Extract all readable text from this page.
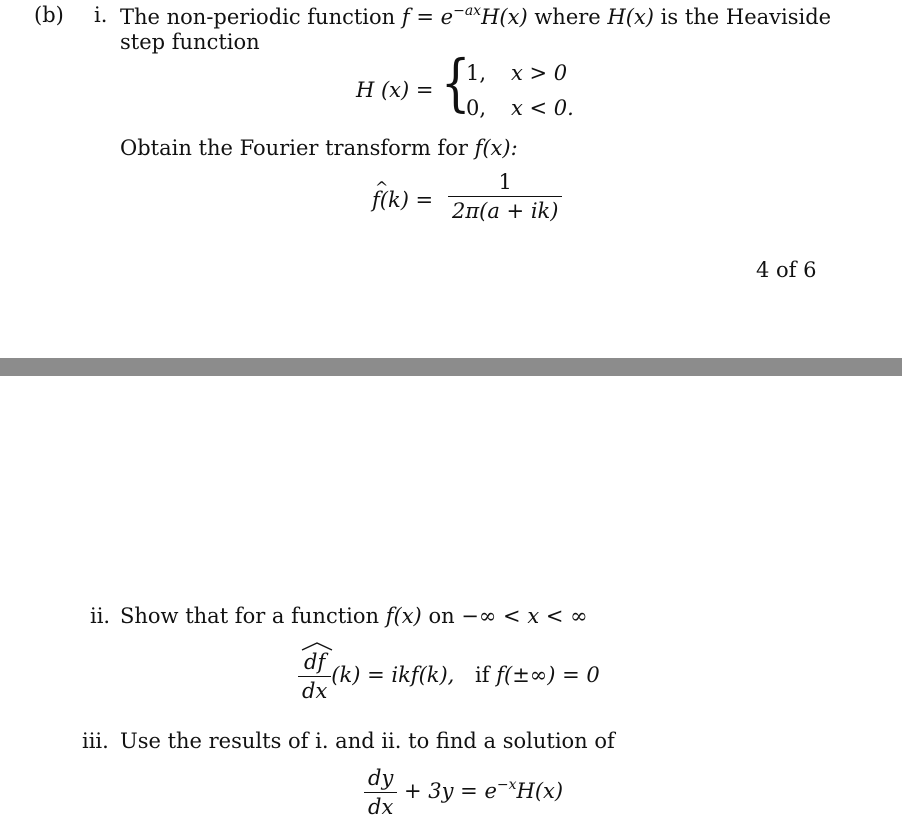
(b) i. The non-periodic function $f = e^{-ax}H(x)$ where H(x) is the Heaviside
step function
H (x) = {
1, x > 0
0, x < 0.
Obtain the Fourier transform for f(x):
^ $f(k) = \frac{1}{2\pi(a + ik)}$
4 of 6
ii. Show that for a function f(x) on −∞ < x < ∞
$\frac{df}{dx} (k) = ikf(k)$, if f(±∞) = 0
iii. Use the results of i. and ii. to find a solution of
$\frac{dy}{dx} + 3y = e^{-x}H(x)$
